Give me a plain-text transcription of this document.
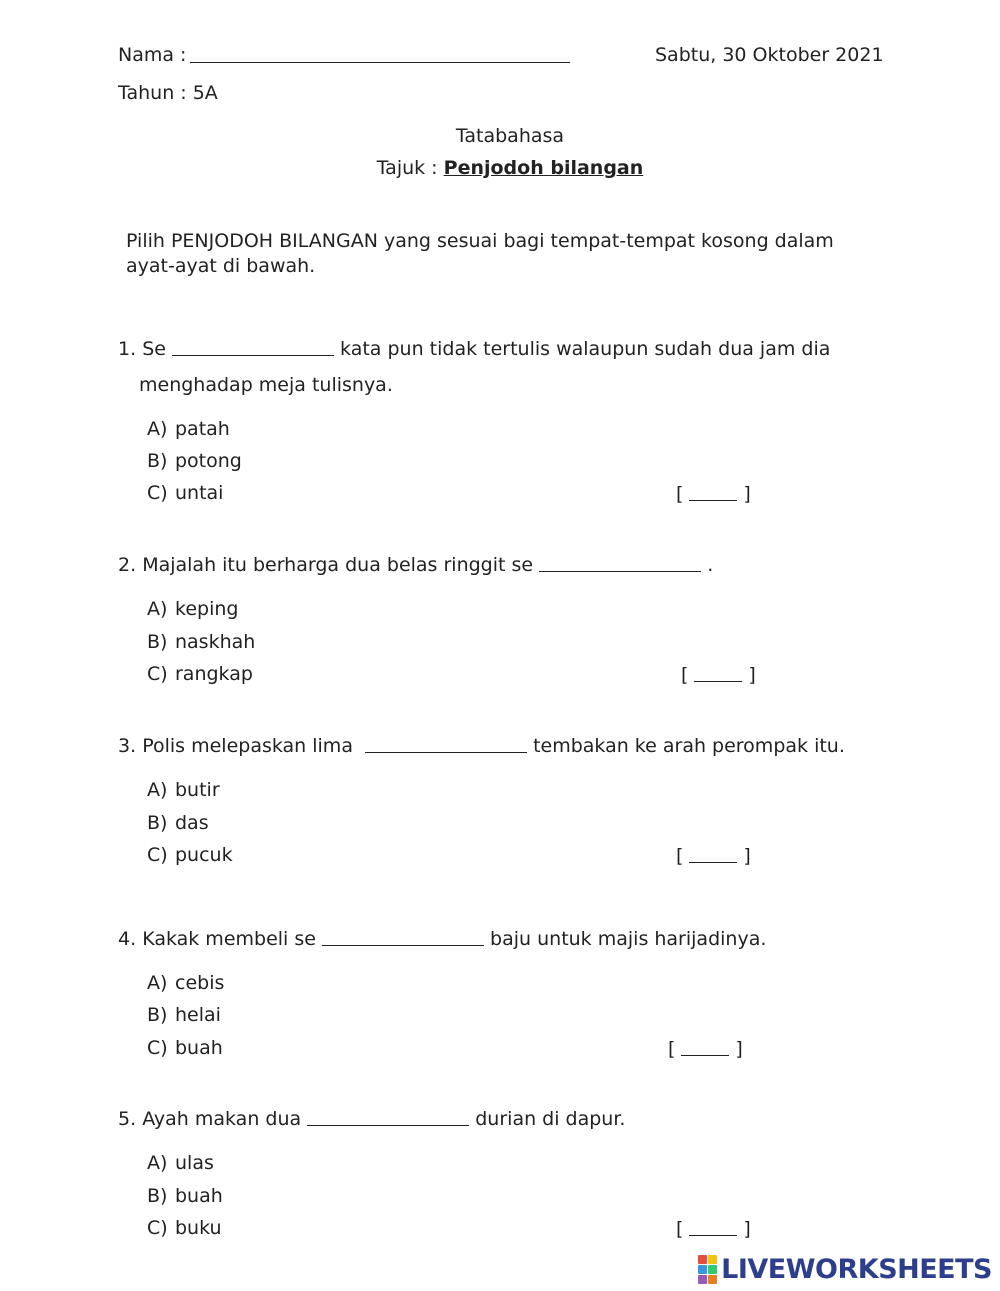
Nama :	Sabtu, 30 Oktober 2021
Tahun : 5A
Tatabahasa
Tajuk : Penjodoh bilangan
Pilih PENJODOH BILANGAN yang sesuai bagi tempat-tempat kosong dalam ayat-ayat di bawah.
1. Se	kata pun tidak tertulis walaupun sudah dua jam dia
menghadap meja tulisnya.
A) patah
B) potong
C) untai	[	]
2. Majalah itu berharga dua belas ringgit se	.
A) keping
B) naskhah
C) rangkap	[	]
3. Polis melepaskan lima	tembakan ke arah perompak itu.
A) butir
B) das
C) pucuk	[	]
4. Kakak membeli se	baju untuk majis harijadinya.
A) cebis
B) helai
C) buah	[	]
5. Ayah makan dua	durian di dapur.
A) ulas
B) buah
C) buku	[	]
LIVEWORKSHEETS
